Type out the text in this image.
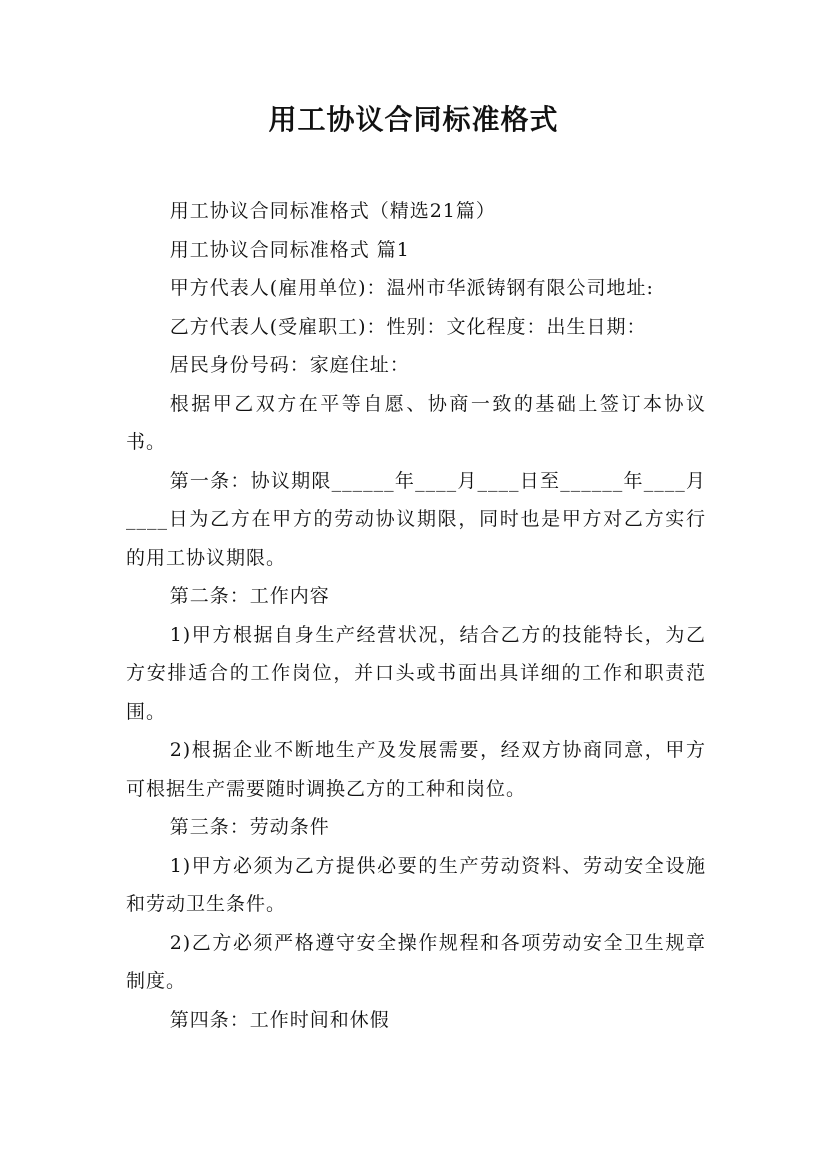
用工协议合同标准格式

用工协议合同标准格式（精选21篇）

用工协议合同标准格式 篇1

甲方代表人(雇用单位)：温州市华派铸钢有限公司地址:

乙方代表人(受雇职工)：性别：文化程度：出生日期：

居民身份号码：家庭住址：

根据甲乙双方在平等自愿、协商一致的基础上签订本协议书。

第一条：协议期限______年____月____日至______年____月____日为乙方在甲方的劳动协议期限，同时也是甲方对乙方实行的用工协议期限。

第二条：工作内容

1)甲方根据自身生产经营状况，结合乙方的技能特长，为乙方安排适合的工作岗位，并口头或书面出具详细的工作和职责范围。

2)根据企业不断地生产及发展需要，经双方协商同意，甲方可根据生产需要随时调换乙方的工种和岗位。

第三条：劳动条件

1)甲方必须为乙方提供必要的生产劳动资料、劳动安全设施和劳动卫生条件。

2)乙方必须严格遵守安全操作规程和各项劳动安全卫生规章制度。

第四条：工作时间和休假
